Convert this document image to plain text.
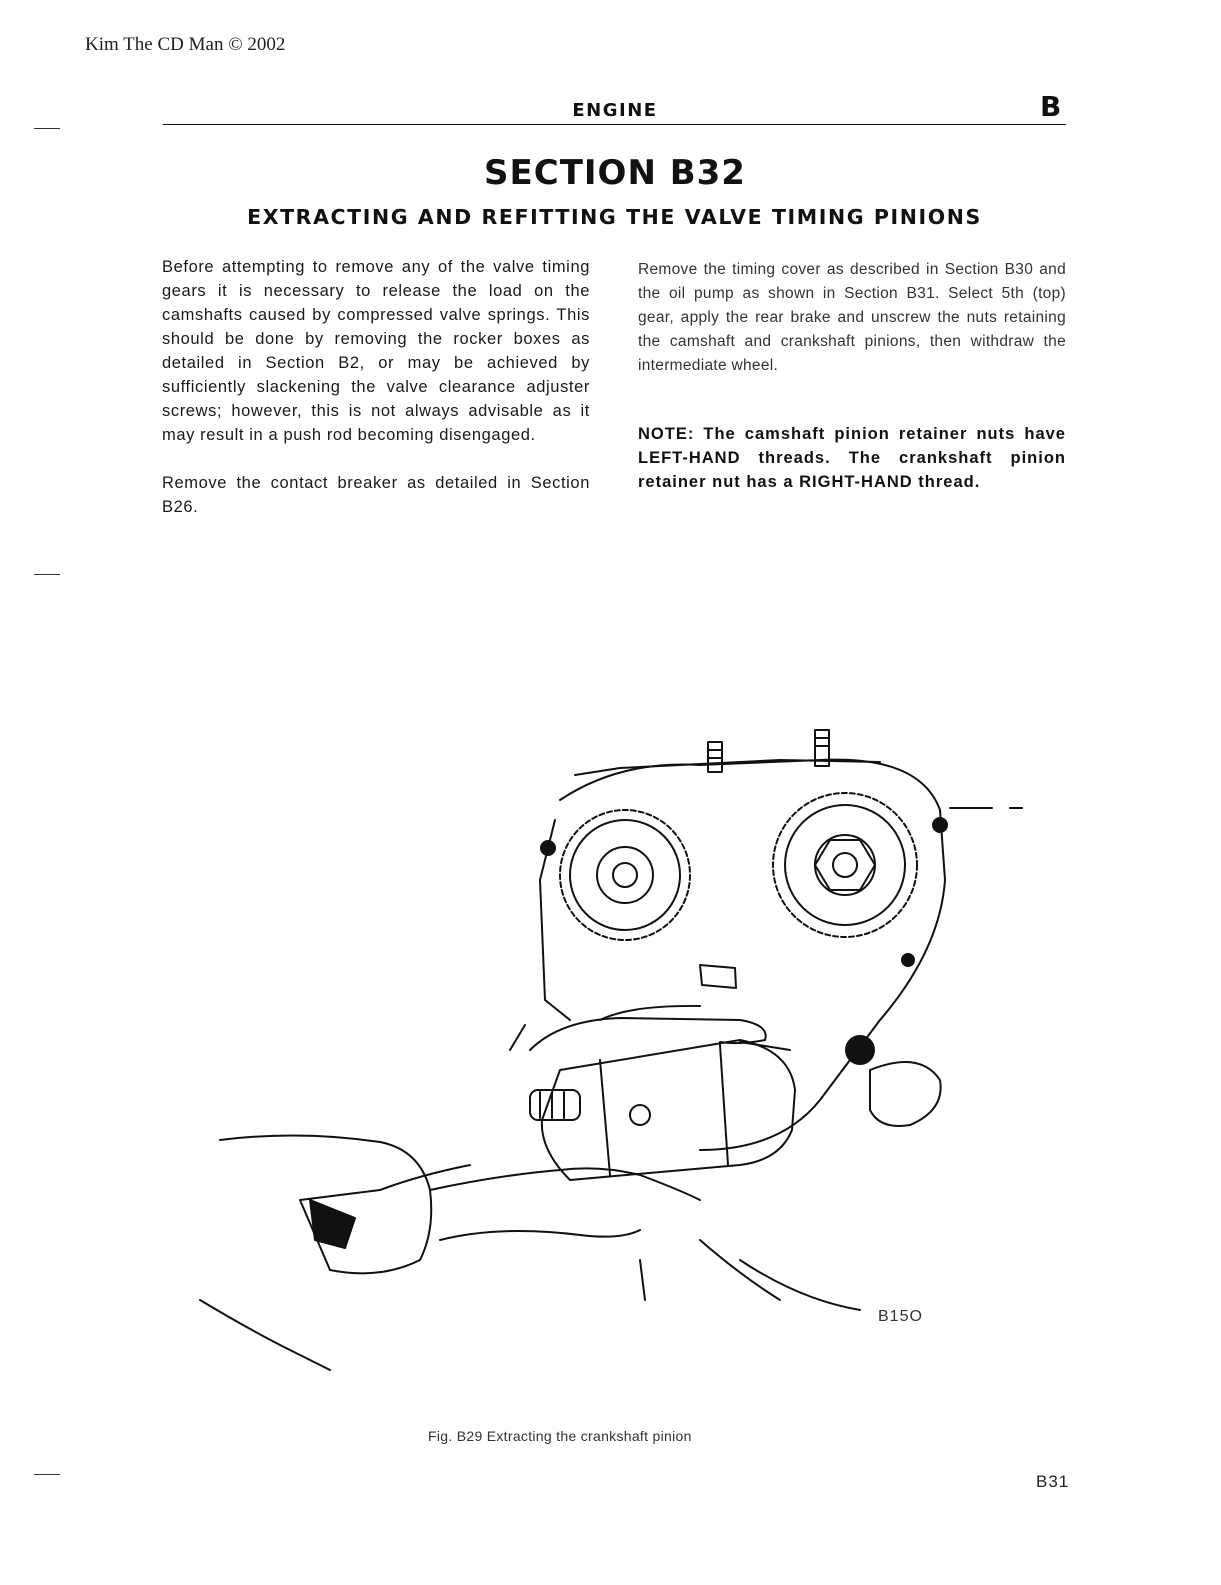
Kim The CD Man © 2002
ENGINE	B
SECTION B32
EXTRACTING AND REFITTING THE VALVE TIMING PINIONS
Before attempting to remove any of the valve timing gears it is necessary to release the load on the camshafts caused by compressed valve springs. This should be done by removing the rocker boxes as detailed in Section B2, or may be achieved by sufficiently slackening the valve clearance adjuster screws; however, this is not always advisable as it may result in a push rod becoming disengaged.
Remove the contact breaker as detailed in Section B26.
Remove the timing cover as described in Section B30 and the oil pump as shown in Section B31. Select 5th (top) gear, apply the rear brake and unscrew the nuts retaining the camshaft and crankshaft pinions, then withdraw the intermediate wheel.
NOTE: The camshaft pinion retainer nuts have LEFT-HAND threads. The crankshaft pinion retainer nut has a RIGHT-HAND thread.
B15O
Fig. B29 Extracting the crankshaft pinion
B31
